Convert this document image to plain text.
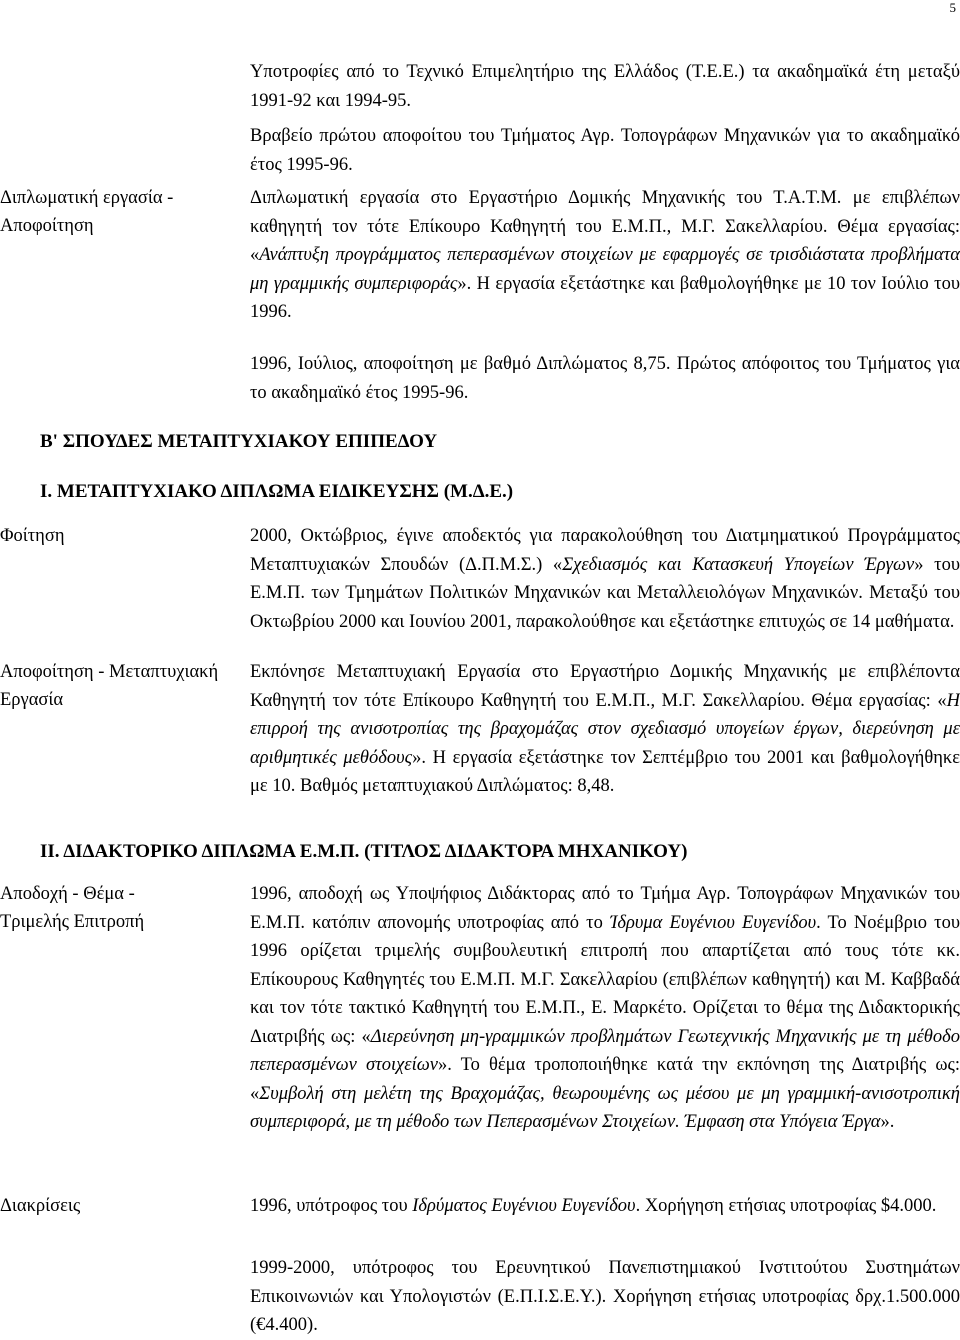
5

Υποτροφίες από το Τεχνικό Επιμελητήριο της Ελλάδος (Τ.Ε.Ε.) τα ακαδημαϊκά έτη μεταξύ 1991-92 και 1994-95.

Βραβείο πρώτου αποφοίτου του Τμήματος Αγρ. Τοπογράφων Μηχανικών για το ακαδημαϊκό έτος 1995-96.

Διπλωματική εργασία - Αποφοίτηση

Διπλωματική εργασία στο Εργαστήριο Δομικής Μηχανικής του Τ.Α.Τ.Μ. με επιβλέπων καθηγητή τον τότε Επίκουρο Καθηγητή του Ε.Μ.Π., Μ.Γ. Σακελλαρίου. Θέμα εργασίας: «Ανάπτυξη προγράμματος πεπερασμένων στοιχείων με εφαρμογές σε τρισδιάστατα προβλήματα μη γραμμικής συμπεριφοράς». Η εργασία εξετάστηκε και βαθμολογήθηκε με 10 τον Ιούλιο του 1996.

1996, Ιούλιος, αποφοίτηση με βαθμό Διπλώματος 8,75. Πρώτος απόφοιτος του Τμήματος για το ακαδημαϊκό έτος 1995-96.

Β' ΣΠΟΥΔΕΣ ΜΕΤΑΠΤΥΧΙΑΚΟΥ ΕΠΙΠΕΔΟΥ
Ι. ΜΕΤΑΠΤΥΧΙΑΚΟ ΔΙΠΛΩΜΑ ΕΙΔΙΚΕΥΣΗΣ (Μ.Δ.Ε.)
Φοίτηση	2000, Οκτώβριος, έγινε αποδεκτός για παρακολούθηση του Διατμηματικού Προγράμματος Μεταπτυχιακών Σπουδών (Δ.Π.Μ.Σ.) «Σχεδιασμός και Κατασκευή Υπογείων Έργων» του Ε.Μ.Π. των Τμημάτων Πολιτικών Μηχανικών και Μεταλλειολόγων Μηχανικών. Μεταξύ του Οκτωβρίου 2000 και Ιουνίου 2001, παρακολούθησε και εξετάστηκε επιτυχώς σε 14 μαθήματα.

Αποφοίτηση - Μεταπτυχιακή Εργασία

Εκπόνησε Μεταπτυχιακή Εργασία στο Εργαστήριο Δομικής Μηχανικής με επιβλέποντα Καθηγητή τον τότε Επίκουρο Καθηγητή του Ε.Μ.Π., Μ.Γ. Σακελλαρίου. Θέμα εργασίας: «Η επιρροή της ανισοτροπίας της βραχομάζας στον σχεδιασμό υπογείων έργων, διερεύνηση με αριθμητικές μεθόδους». Η εργασία εξετάστηκε τον Σεπτέμβριο του 2001 και βαθμολογήθηκε με 10. Βαθμός μεταπτυχιακού Διπλώματος: 8,48.

ΙΙ. ΔΙΔΑΚΤΟΡΙΚΟ ΔΙΠΛΩΜΑ Ε.Μ.Π. (ΤΙΤΛΟΣ ΔΙΔΑΚΤΟΡΑ ΜΗΧΑΝΙΚΟΥ)
Αποδοχή - Θέμα - Τριμελής Επιτροπή

1996, αποδοχή ως Υποψήφιος Διδάκτορας από το Τμήμα Αγρ. Τοπογράφων Μηχανικών του Ε.Μ.Π. κατόπιν απονομής υποτροφίας από το Ίδρυμα Ευγένιου Ευγενίδου. Το Νοέμβριο του 1996 ορίζεται τριμελής συμβουλευτική επιτροπή που απαρτίζεται από τους τότε κκ. Επίκουρους Καθηγητές του Ε.Μ.Π. Μ.Γ. Σακελλαρίου (επιβλέπων καθηγητή) και Μ. Καββαδά και τον τότε τακτικό Καθηγητή του Ε.Μ.Π., Ε. Μαρκέτο. Ορίζεται το θέμα της Διδακτορικής Διατριβής ως: «Διερεύνηση μη-γραμμικών προβλημάτων Γεωτεχνικής Μηχανικής με τη μέθοδο πεπερασμένων στοιχείων». Το θέμα τροποποιήθηκε κατά την εκπόνηση της Διατριβής ως: «Συμβολή στη μελέτη της Βραχομάζας, θεωρουμένης ως μέσου με μη γραμμική-ανισοτροπική συμπεριφορά, με τη μέθοδο των Πεπερασμένων Στοιχείων. Έμφαση στα Υπόγεια Έργα».

Διακρίσεις	1996, υπότροφος του Ιδρύματος Ευγένιου Ευγενίδου. Χορήγηση ετήσιας υποτροφίας $4.000.

1999-2000, υπότροφος του Ερευνητικού Πανεπιστημιακού Ινστιτούτου Συστημάτων Επικοινωνιών και Υπολογιστών (Ε.Π.Ι.Σ.Ε.Υ.). Χορήγηση ετήσιας υποτροφίας δρχ.1.500.000 (€4.400).
